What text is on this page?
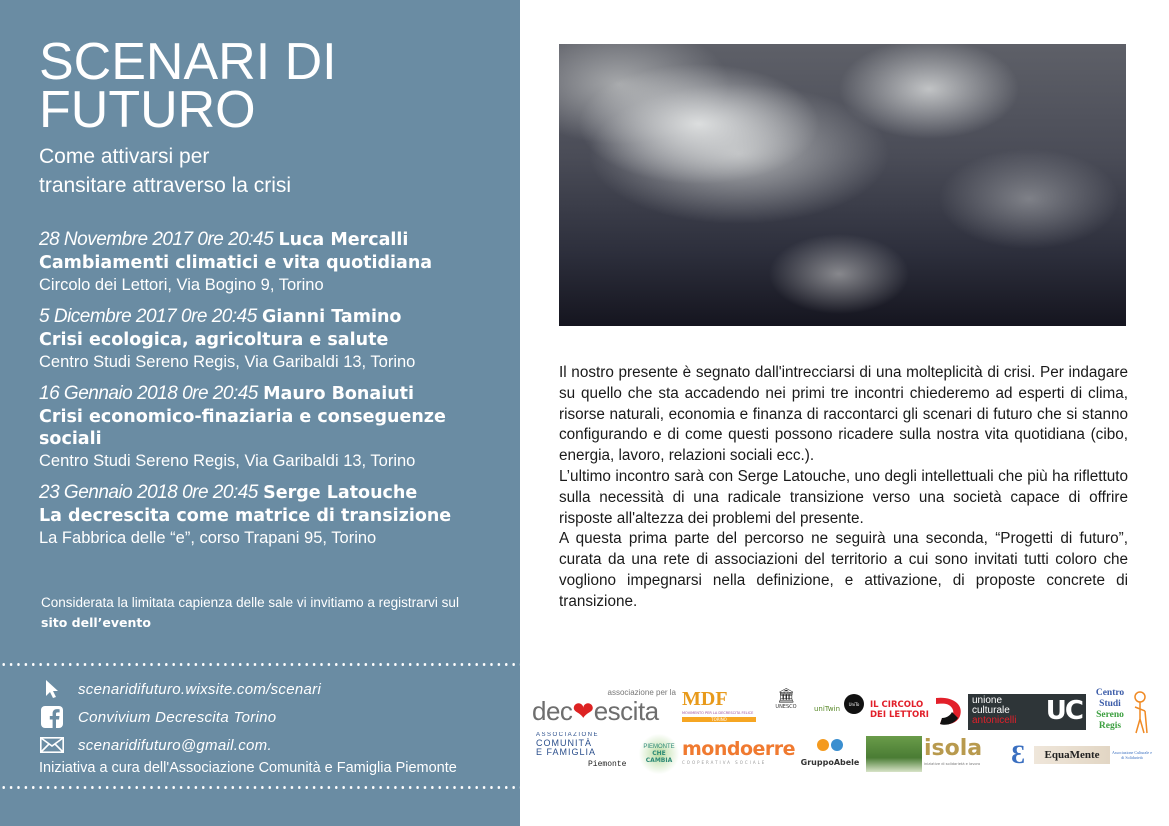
SCENARI DI
FUTURO
Come attivarsi per
transitare attraverso la crisi
28 Novembre 2017 0re 20:45 Luca Mercalli
Cambiamenti climatici e vita quotidiana
Circolo dei Lettori, Via Bogino 9, Torino
5 Dicembre 2017 0re 20:45 Gianni Tamino
Crisi ecologica, agricoltura e salute
Centro Studi Sereno Regis, Via Garibaldi 13, Torino
16 Gennaio 2018 0re 20:45 Mauro Bonaiuti
Crisi economico-finaziaria e conseguenze sociali
Centro Studi Sereno Regis, Via Garibaldi 13, Torino
23 Gennaio 2018 0re 20:45 Serge Latouche
La decrescita come matrice di transizione
La Fabbrica delle “e”, corso Trapani 95, Torino
Considerata la limitata capienza delle sale vi invitiamo a registrarvi sul sito dell’evento
scenaridifuturo.wixsite.com/scenari
Convivium Decrescita Torino
scenaridifuturo@gmail.com.
Iniziativa a cura dell'Associazione Comunità e Famiglia Piemonte

Il nostro presente è segnato dall'intrecciarsi di una molteplicità di crisi. Per indagare su quello che sta accadendo nei primi tre incontri chiederemo ad esperti di clima, risorse naturali, economia e finanza di raccontarci gli scenari di futuro che si stanno configurando e di come questi possono ricadere sulla nostra vita quotidiana (cibo, energia, lavoro, relazioni sociali ecc.).

L’ultimo incontro sarà con Serge Latouche, uno degli intellettuali che più ha riflettuto sulla necessità di una radicale transizione verso una società capace di offrire risposte all'altezza dei problemi del presente.

A questa prima parte del percorso ne seguirà una seconda, “Progetti di futuro”, curata da una rete di associazioni del territorio a cui sono invitati tutti coloro che vogliono impegnarsi nella definizione, e attivazione, di proposte concrete di transizione.

associazione per la
dec❤escita MDF
MOVIMENTO PER LA DECRESCITA FELICE
TORINO
🏛
UNESCO	uniTwin
UniTo IL CIRCOLO
DEI LETTORI
unione
culturale
antonicelli UC
Centro
Studi
Sereno
Regis
ASSOCIAZIONE
COMUNITÀ
E FAMIGLIA
Piemonte
PIEMONTE
CHE CAMBIA
mondoerre
COOPERATIVA SOCIALE	GruppoAbele
isola
iniziative di solidarietà e lavoro	Ɛ EquaMente	Associazione Culturale e di Solidarietà
